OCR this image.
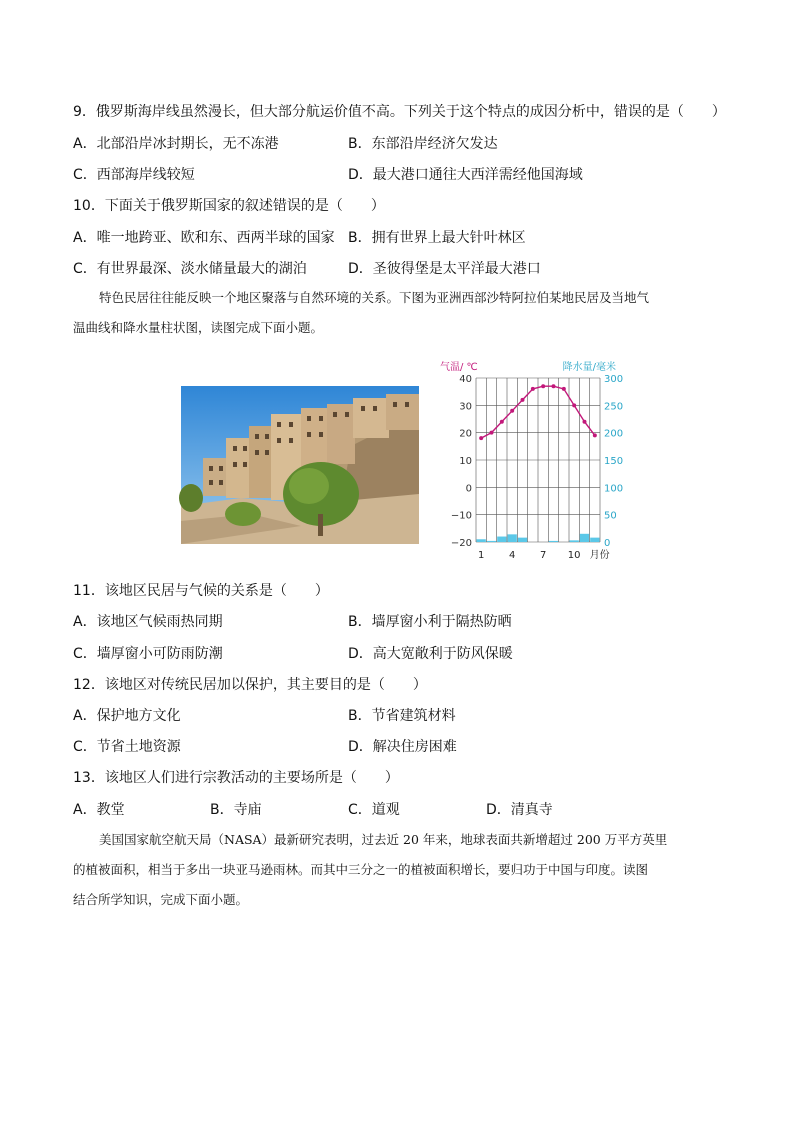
9．俄罗斯海岸线虽然漫长，但大部分航运价值不高。下列关于这个特点的成因分析中，错误的是（　　）
A．北部沿岸冰封期长，无不冻港	B．东部沿岸经济欠发达
C．西部海岸线较短	D．最大港口通往大西洋需经他国海域
10．下面关于俄罗斯国家的叙述错误的是（　　）
A．唯一地跨亚、欧和东、西两半球的国家 B．拥有世界上最大针叶林区
C．有世界最深、淡水储量最大的湖泊	D．圣彼得堡是太平洋最大港口
特色民居往往能反映一个地区聚落与自然环境的关系。下图为亚洲西部沙特阿拉伯某地民居及当地气
温曲线和降水量柱状图，读图完成下面小题。
40	300
30	250
20	200
10	150
0	100
−10	50
−20	0
气温/ ℃	降水量/毫米
1 4 7 10 月份
11．该地区民居与气候的关系是（　　）
A．该地区气候雨热同期	B．墙厚窗小利于隔热防晒
C．墙厚窗小可防雨防潮	D．高大宽敞利于防风保暖
12．该地区对传统民居加以保护，其主要目的是（　　）
A．保护地方文化	B．节省建筑材料
C．节省土地资源	D．解决住房困难
13．该地区人们进行宗教活动的主要场所是（　　）
A．教堂	B．寺庙	C．道观	D．清真寺
美国国家航空航天局（NASA）最新研究表明，过去近 20 年来，地球表面共新增超过 200 万平方英里
的植被面积，相当于多出一块亚马逊雨林。而其中三分之一的植被面积增长，要归功于中国与印度。读图
结合所学知识，完成下面小题。
